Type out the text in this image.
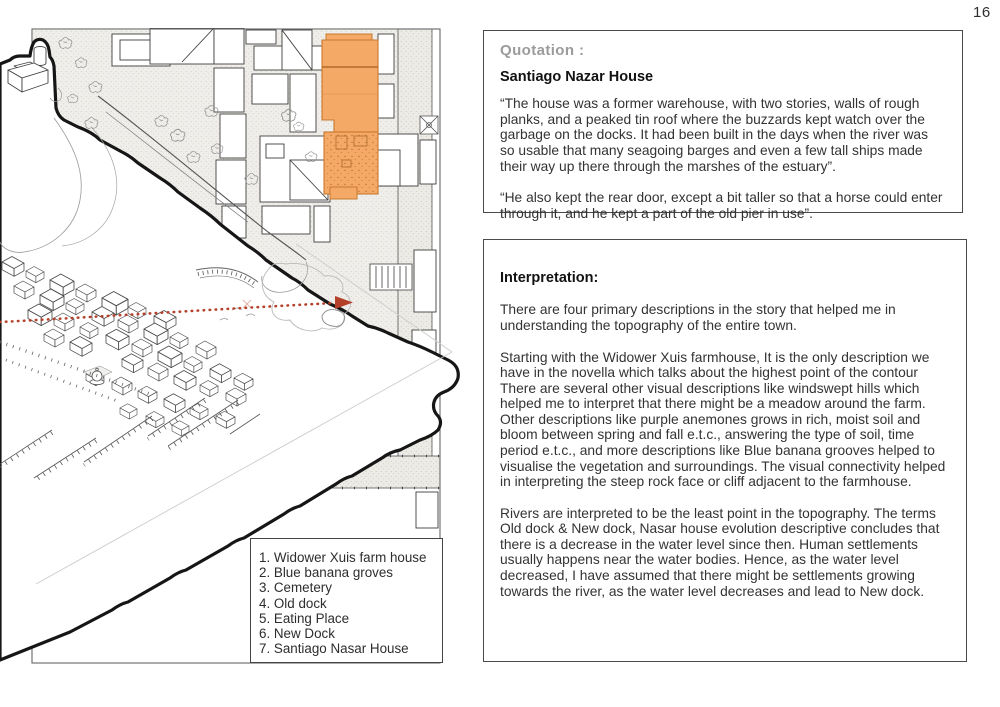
1. Widower Xuis farm house
2. Blue banana groves
3. Cemetery
4. Old dock
5. Eating Place
6. New Dock
7. Santiago Nasar House
16
Quotation :
Santiago Nazar House

“The house was a former warehouse, with two stories, walls of rough planks, and a peaked tin roof where the buzzards kept watch over the garbage on the docks. It had been built in the days when the river was so usable that many seagoing barges and even a few tall ships made their way up there through the marshes of the estuary”.

“He also kept the rear door, except a bit taller so that a horse could enter through it, and he kept a part of the old pier in use”.

Interpretation:

There are four primary descriptions in the story that helped me in understanding the topography of the entire town.

Starting with the Widower Xuis farmhouse, It is the only description we have in the novella which talks about the highest point of the contour There are several other visual descriptions like windswept hills which helped me to interpret that there might be a meadow around the farm.

Other descriptions like purple anemones grows in rich, moist soil and bloom between spring and fall e.t.c., answering the type of soil, time period e.t.c., and more descriptions like Blue banana grooves helped to visualise the vegetation and surroundings. The visual connectivity helped in interpreting the steep rock face or cliff adjacent to the farmhouse.

Rivers are interpreted to be the least point in the topography. The terms Old dock & New dock, Nasar house evolution descriptive concludes that there is a decrease in the water level since then. Human settlements usually happens near the water bodies. Hence, as the water level decreased, I have assumed that there might be settlements growing towards the river, as the water level decreases and lead to New dock.
